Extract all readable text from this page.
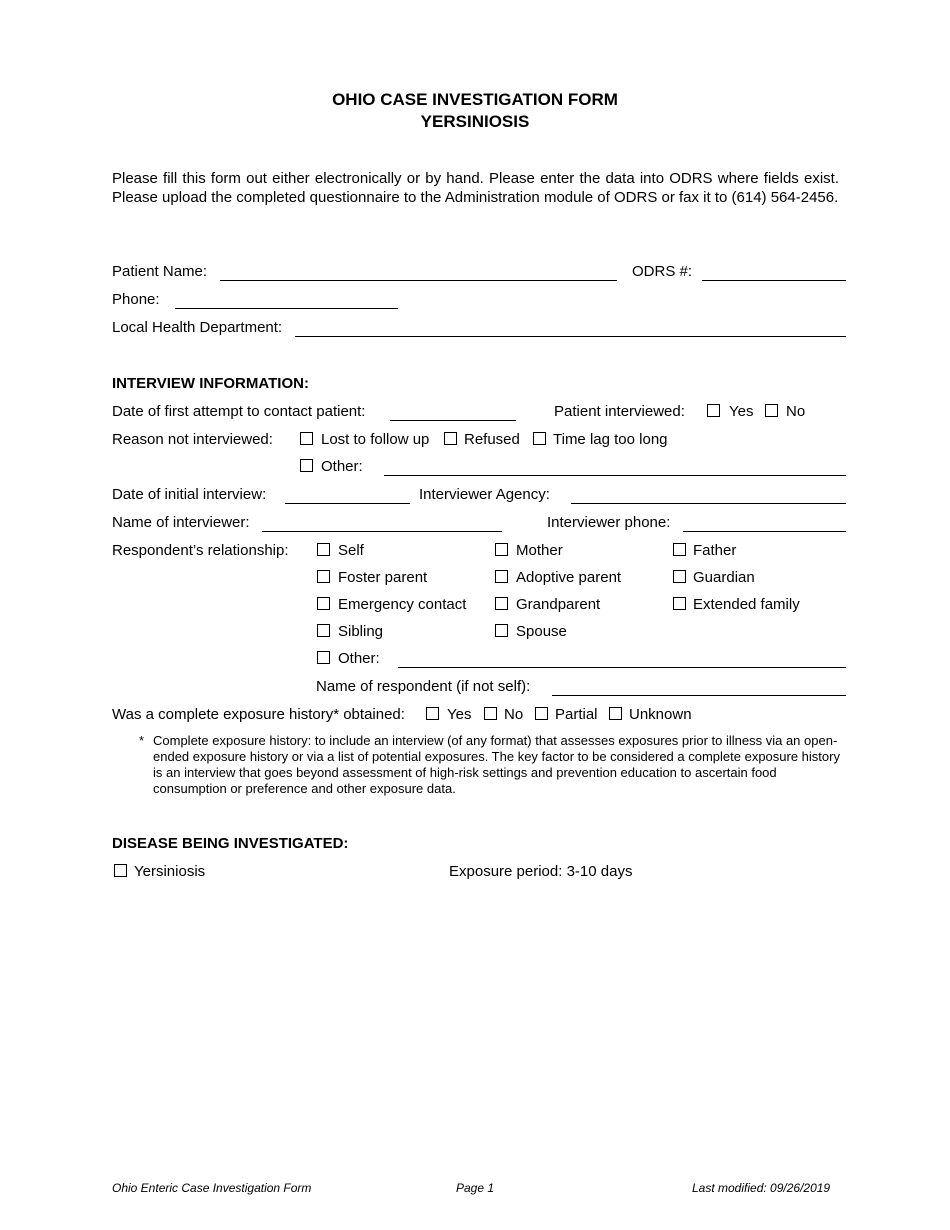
OHIO CASE INVESTIGATION FORM
YERSINIOSIS
Please fill this form out either electronically or by hand. Please enter the data into ODRS where fields exist. Please upload the completed questionnaire to the Administration module of ODRS or fax it to (614) 564-2456.
Patient Name:	ODRS #:
Phone:
Local Health Department:
INTERVIEW INFORMATION:
Date of first attempt to contact patient:	Patient interviewed:	Yes No
Reason not interviewed:	Lost to follow up Refused Time lag too long
Other:
Date of initial interview:	Interviewer Agency:
Name of interviewer:	Interviewer phone:
Respondent’s relationship:	Self	Mother	Father
Foster parent	Adoptive parent	Guardian
Emergency contact	Grandparent	Extended family
Sibling	Spouse
Other:
Name of respondent (if not self):
Was a complete exposure history* obtained:	Yes No Partial Unknown
* Complete exposure history: to include an interview (of any format) that assesses exposures prior to illness via an open-ended exposure history or via a list of potential exposures. The key factor to be considered a complete exposure history is an interview that goes beyond assessment of high-risk settings and prevention education to ascertain food consumption or preference and other exposure data.
DISEASE BEING INVESTIGATED:
Yersiniosis	Exposure period: 3-10 days
Ohio Enteric Case Investigation Form	Page 1	Last modified: 09/26/2019
